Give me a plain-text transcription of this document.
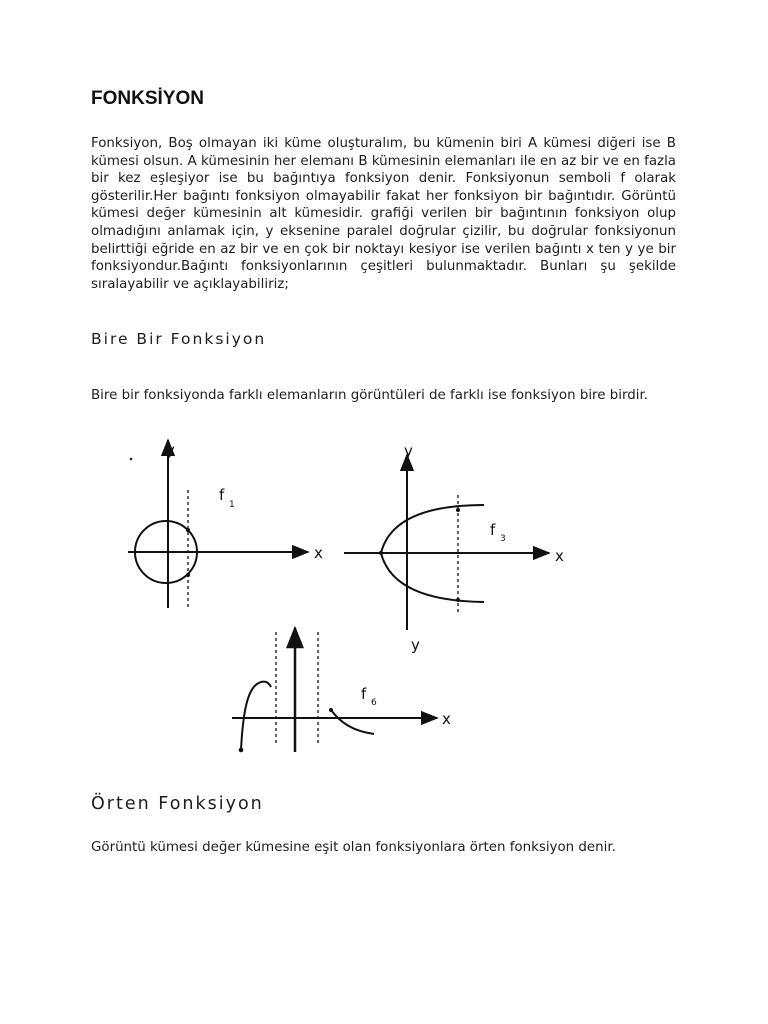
FONKSİYON

Fonksiyon, Boş olmayan iki küme oluşturalım, bu kümenin biri A kümesi diğeri ise B kümesi olsun. A kümesinin her elemanı B kümesinin elemanları ile en az bir ve en fazla bir kez eşleşiyor ise bu bağıntıya fonksiyon denir. Fonksiyonun semboli f olarak gösterilir.Her bağıntı fonksiyon olmayabilir fakat her fonksiyon bir bağıntıdır. Görüntü kümesi değer kümesinin alt kümesidir. grafiği verilen bir bağıntının fonksiyon olup olmadığını anlamak için, y eksenine paralel doğrular çizilir, bu doğrular fonksiyonun belirttiği eğride en az bir ve en çok bir noktayı kesiyor ise verilen bağıntı x ten y ye bir fonksiyondur.Bağıntı fonksiyonlarının çeşitleri bulunmaktadır. Bunları şu şekilde sıralayabilir ve açıklayabiliriz;

Bire Bir Fonksiyon

Bire bir fonksiyonda farklı elemanların görüntüleri de farklı ise fonksiyon bire birdir.

y
x
f
1
y
x
f 3
y
x
f 6
Örten Fonksiyon

Görüntü kümesi değer kümesine eşit olan fonksiyonlara örten fonksiyon denir.
